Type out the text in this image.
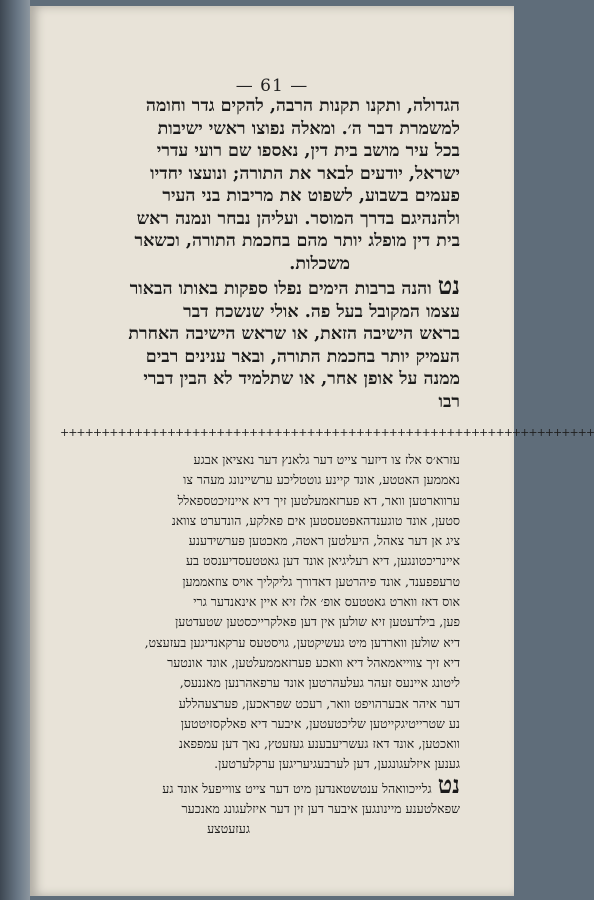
— 61 —

הגדולה, ותקנו תקנות הרבה, להקים גדר וחומה

למשמרת דבר ה׳. ומאלה נפוצו ראשי ישיבות

בכל עיר מושב בית דין, נאספו שם רועי עדרי

ישראל, יודעים לבאר את התורה; ונועצו יחדיו

פעמים בשבוע, לשפוט את מריבות בני העיר

ולהנהיגם בדרך המוסר. ועליהן נבחר ונמנה ראש

בית דין מופלג יותר מהם בחכמת התורה, וכשאר

משכלות.

נטוהנה ברבות הימים נפלו ספקות באותו הבאור

עצמו המקובל בעל פה. אולי שנשכח דבר

בראש הישיבה הזאת, או שראש הישיבה האחרת

העמיק יותר בחכמת התורה, ובאר ענינים רבים

ממנה על אופן אחר, או שתלמיד לא הבין דברי

רבו

+++++++++++++++++++++++++++++++++++++++++++++++++++++++++++++++++

עזרא׳ס אלז צו דיזער צייט דער גלאנץ דער נאציאן אבגע

נאממען האטטע, אונד קיינע גוטטליכע ערשיינונג מעהר צו

ערווארטען וואר, דא פערזאמעלטען זיך דיא איינזיכטספאלל

סטען, אונד טוגענדהאפטעסטען אים פאלקע, הונדערט צוואנ

ציג אן דער צאהל, היעלטען ראטה, מאכטען פערשידענע

איינריכטונגען, דיא רעליגיאן אונד דען גאטטעסדיענסט בע

טרעפפענד, אונד פיהרטען דאדורך גליקליך אויס צוזאממען

אוס דאז ווארט גאטטעס אופ׳ אלז זיא איין אינאנדער גרי

פען, בילדעטען זיא שולען אין דען פאלקרייכסטען שטעדטען

דיא שולען ווארדען מיט געשיקטען, גויסטעס ערקאנדיגען בעזעצט,

דיא זיך צווייאמאהל דיא וואכע פערזאממעלטען, אונד אונטער

ליטונג איינעס זעהר געלעהרטען אונד ערפאהרנען מאננעס,

דער איהר אבערהויפט וואר, רעכט שפראכען, פערצעהללע

נע שטרייטיגקייטען שליכטעטען, איבער דיא פאלקסזיטטען

וואכטען, אונד דאז געשריעבענע געזעטץ, נאך דען עמפפאנ

גענען איזלעגונגען, דען לערבעגיעריגען ערקלערטען.

נטגלייכוואהל ענטשטאנדען מיט דער צייט צווייפעל אונד גע

שפאלטענע מיינונגען איבער דען זין דער איזלעגונג מאנכער

געזעטצע
